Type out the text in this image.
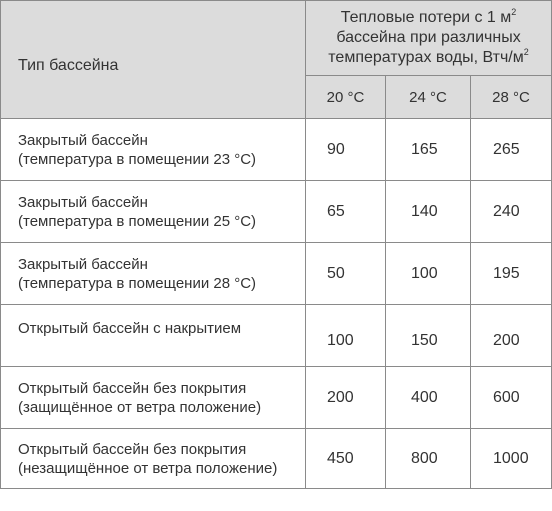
Тип бассейна	Тепловые потери с 1 $м^2$
бассейна при различных
температурах воды, Втч/$м^2$
	20 °C	24 °C	28 °C
Закрытый бассейн
(температура в помещении 23 °C)	90	165	265
Закрытый бассейн
(температура в помещении 25 °C)	65	140	240
Закрытый бассейн
(температура в помещении 28 °C)	50	100	195
Открытый бассейн с накрытием	100	150	200
Открытый бассейн без покрытия
(защищённое от ветра положение)	200	400	600
Открытый бассейн без покрытия
(незащищённое от ветра положение)	450	800	1000
